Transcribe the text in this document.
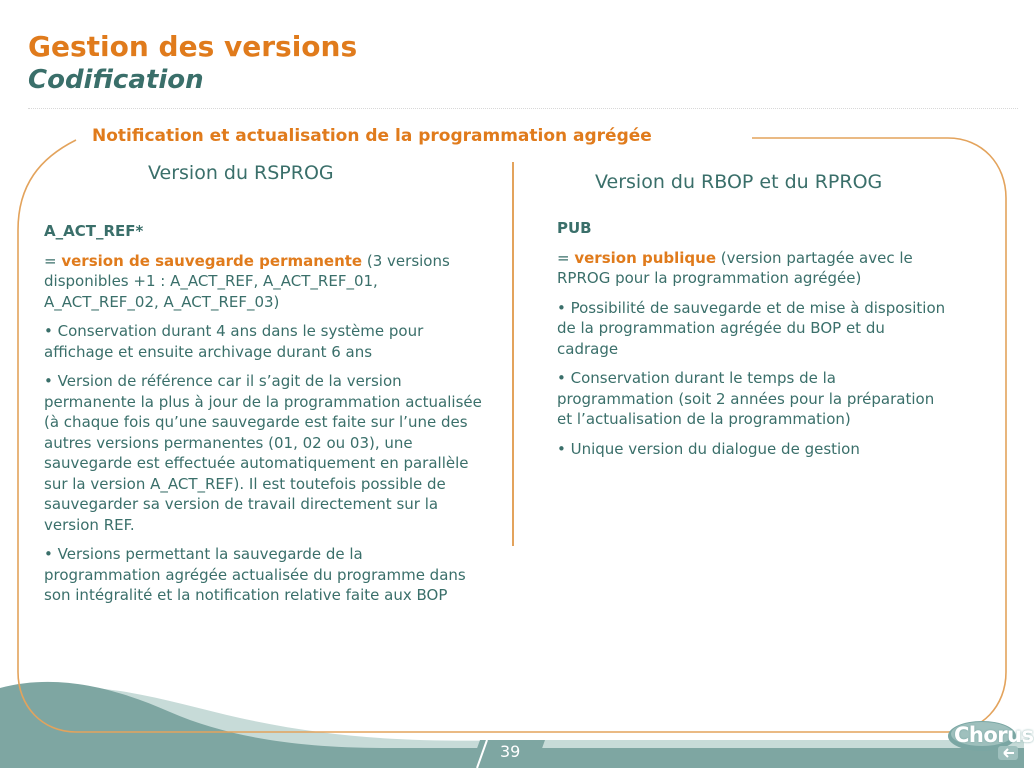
Gestion des versions
Codification
Notification et actualisation de la programmation agrégée
Version du RSPROG	Version du RBOP et du RPROG

A_ACT_REF*

= version de sauvegarde permanente (3 versions disponibles +1 : A_ACT_REF, A_ACT_REF_01, A_ACT_REF_02, A_ACT_REF_03)

• Conservation durant 4 ans dans le système pour affichage et ensuite archivage durant 6 ans

• Version de référence car il s’agit de la version permanente la plus à jour de la programmation actualisée (à chaque fois qu’une sauvegarde est faite sur l’une des autres versions permanentes (01, 02 ou 03), une sauvegarde est effectuée automatiquement en parallèle sur la version A_ACT_REF). Il est toutefois possible de sauvegarder sa version de travail directement sur la version REF.

• Versions permettant la sauvegarde de la programmation agrégée actualisée du programme dans son intégralité et la notification relative faite aux BOP

PUB

= version publique (version partagée avec le RPROG pour la programmation agrégée)

• Possibilité de sauvegarde et de mise à disposition de la programmation agrégée du BOP et du cadrage

• Conservation durant le temps de la programmation (soit 2 années pour la préparation et l’actualisation de la programmation)

• Unique version du dialogue de gestion

39
Chorus
